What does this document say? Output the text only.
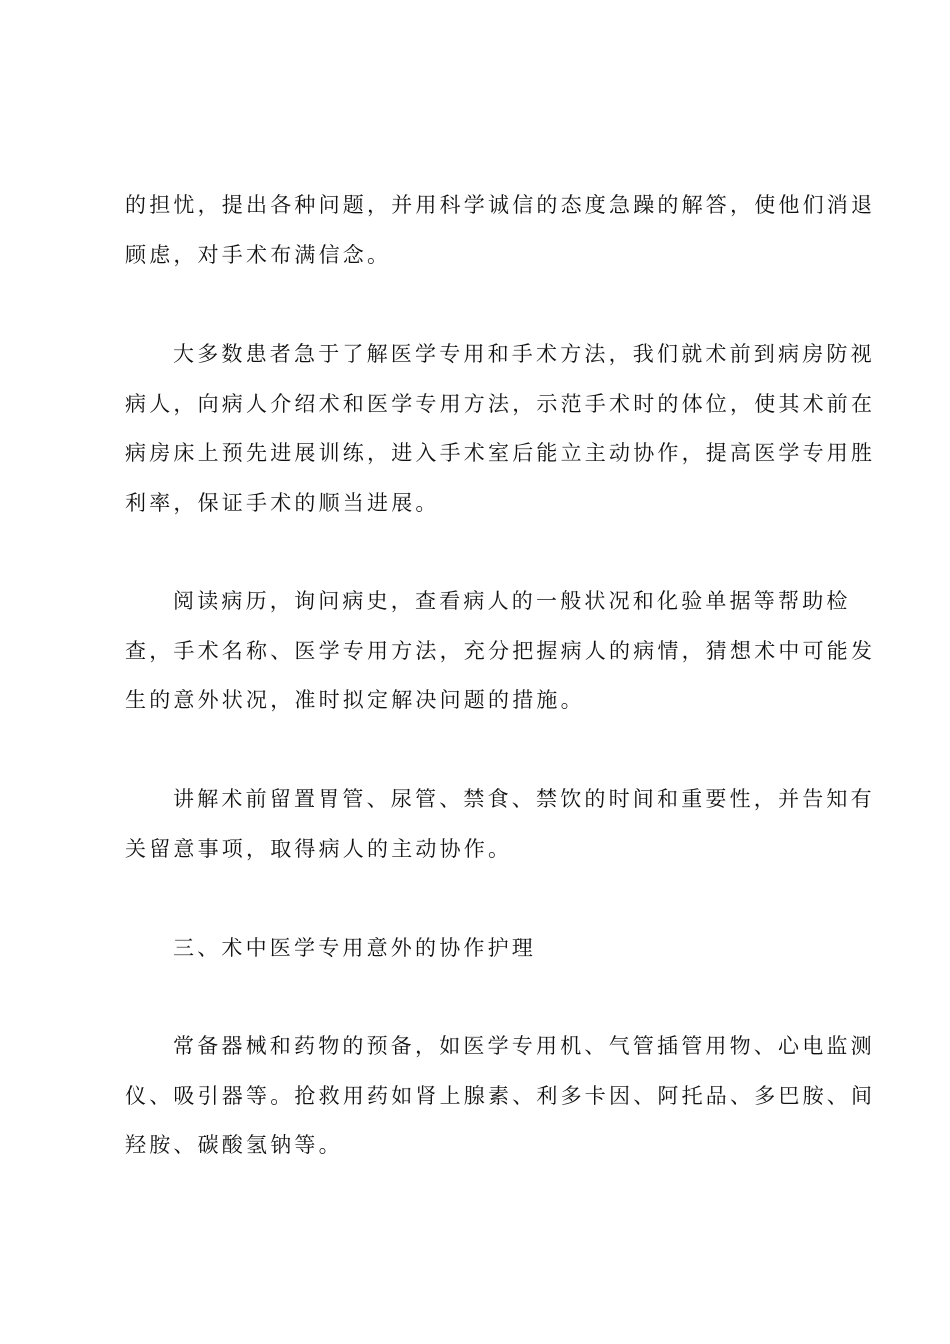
的担忧，提出各种问题，并用科学诚信的态度急躁的解答，使他们消退
顾虑，对手术布满信念。

大多数患者急于了解医学专用和手术方法，我们就术前到病房防视
病人，向病人介绍术和医学专用方法，示范手术时的体位，使其术前在
病房床上预先进展训练，进入手术室后能立主动协作，提高医学专用胜
利率，保证手术的顺当进展。

阅读病历，询问病史，查看病人的一般状况和化验单据等帮助检
查，手术名称、医学专用方法，充分把握病人的病情，猜想术中可能发
生的意外状况，准时拟定解决问题的措施。

讲解术前留置胃管、尿管、禁食、禁饮的时间和重要性，并告知有
关留意事项，取得病人的主动协作。

三、术中医学专用意外的协作护理

常备器械和药物的预备，如医学专用机、气管插管用物、心电监测
仪、吸引器等。抢救用药如肾上腺素、利多卡因、阿托品、多巴胺、间
羟胺、碳酸氢钠等。
